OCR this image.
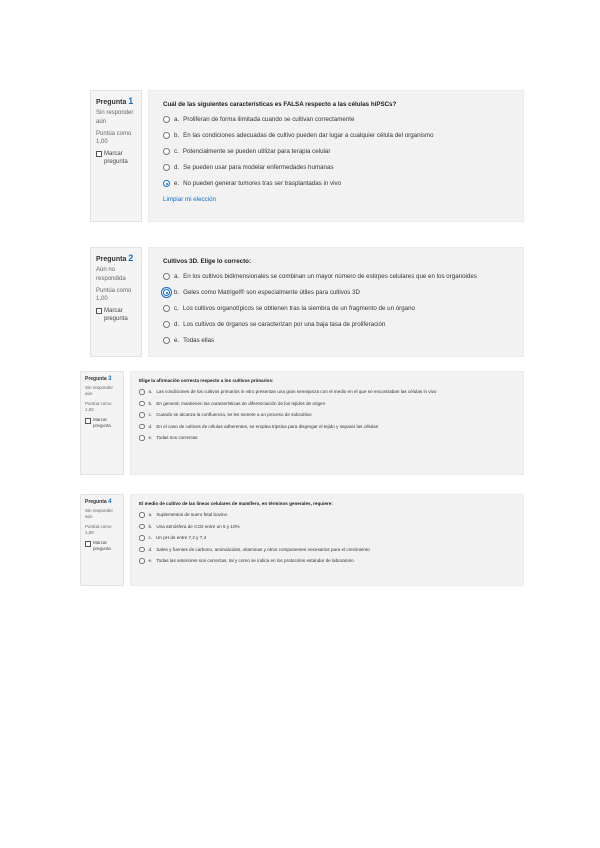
Pregunta 1
Sin responder aún
Puntúa como 1,00
Marcar pregunta
Cuál de las siguientes características es FALSA respecto a las células hiPSCs?
a. Proliferan de forma ilimitada cuando se cultivan correctamente
b. En las condiciones adecuadas de cultivo pueden dar lugar a cualquier célula del organismo
c. Potencialmente se pueden utilizar para terapia celular
d. Se pueden usar para modelar enfermedades humanas
e. No pueden generar tumores tras ser trasplantadas in vivo
Limpiar mi elección
Pregunta 2
Aún no respondida
Puntúa como 1,00
Marcar pregunta
Cultivos 3D. Elige lo correcto:
a. En los cultivos bidimensionales se combinan un mayor número de estirpes celulares que en los organoides
b. Geles como Matrigel® son especialmente útiles para cultivos 3D
c. Los cultivos organotípicos se obtienen tras la siembra de un fragmento de un órgano
d. Los cultivos de órganos se caracterizan por una baja tasa de proliferación
e. Todas ellas
Pregunta 3
Sin responder aún
Puntúa como 1,00
Marcar pregunta
Elige la afirmación correcta respecto a los cultivos primarios:
a. Las condiciones de los cultivos primarios in vitro presentan una gran semejanza con el medio en el que se encontraban las células in vivo
b. En general, mantienen las características de diferenciación de los tejidos de origen
c. Cuando se alcanza la confluencia, se les somete a un proceso de subcultivo
d. En el caso de cultivos de células adherentes, se emplea tripsina para disgregar el tejido y separar las células
e. Todas son correctas
Pregunta 4
Sin responder aún
Puntúa como 1,00
Marcar pregunta
El medio de cultivo de las líneas celulares de mamífero, en términos generales, requiere:
a. Suplementos de suero fetal bovino
b. Una atmósfera de CO2 entre un 5 y 10%
c. Un pH de entre 7,2 y 7,4
d. Sales y fuentes de carbono, aminoácidos, vitaminas y otros componentes necesarios para el crecimiento
e. Todas las anteriores son correctas, tal y como se indica en los protocolos estándar de laboratorio
